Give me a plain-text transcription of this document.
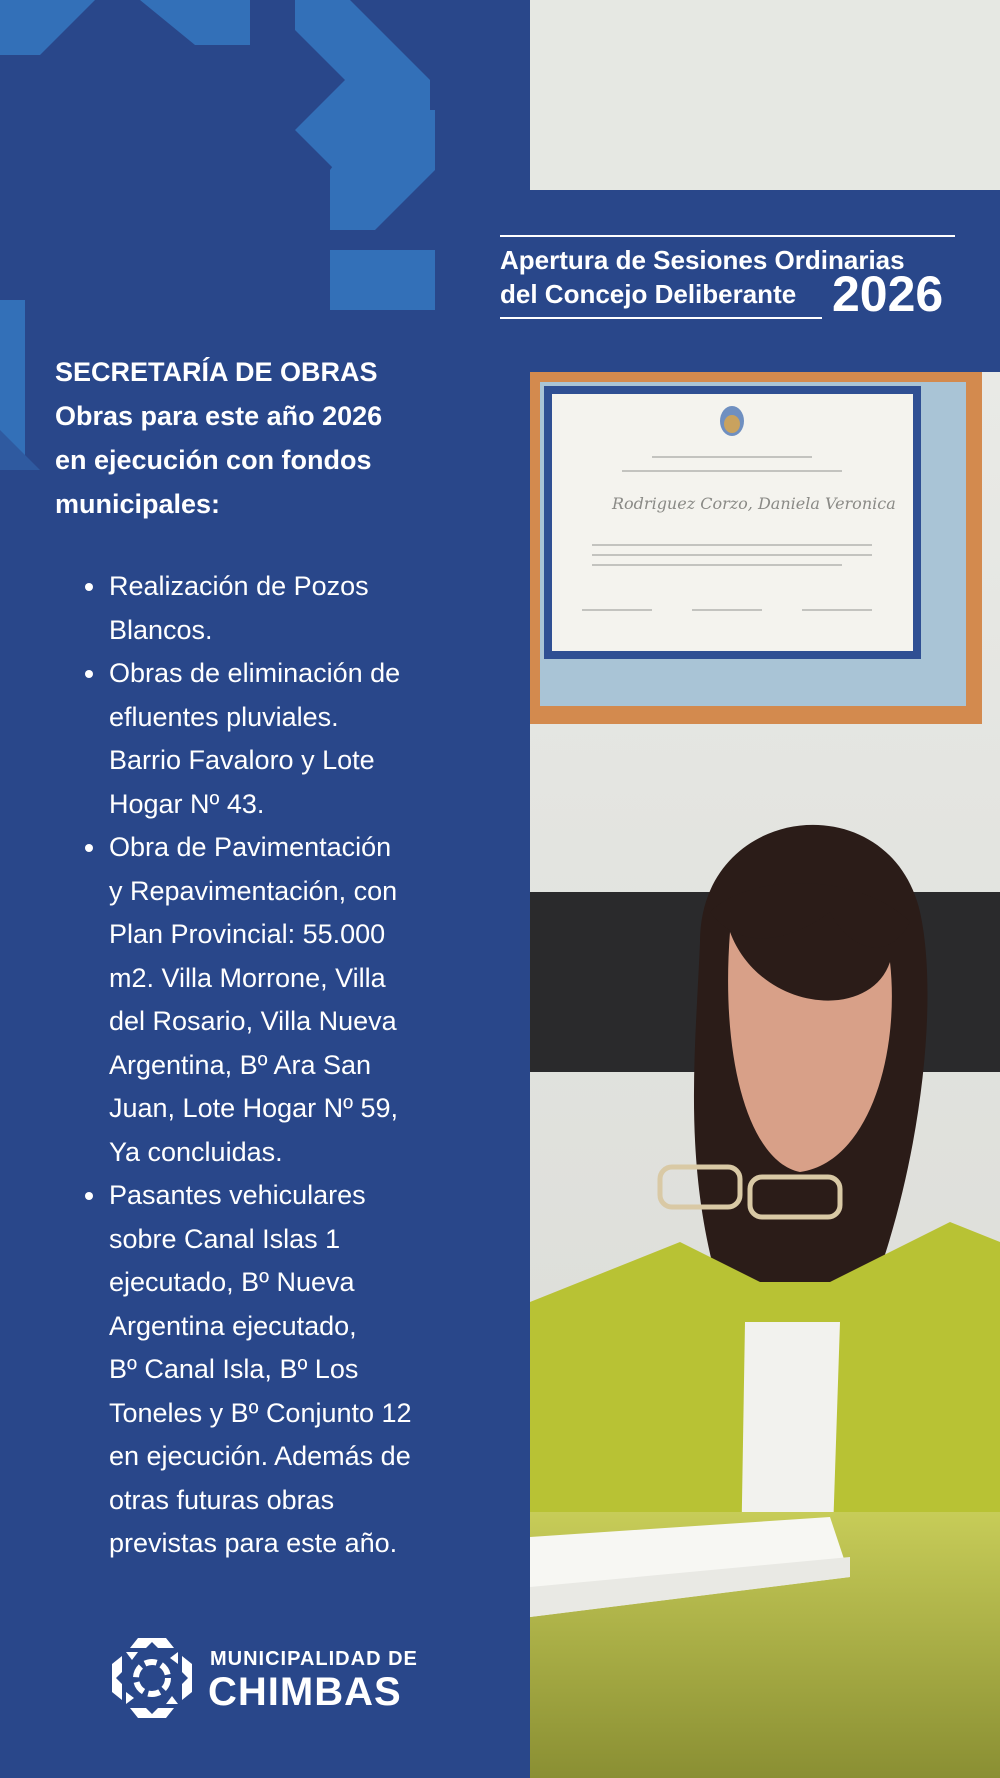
SECRETARÍA DE OBRAS
Obras para este año 2026
en ejecución con fondos
municipales:
Realización de Pozos
Blancos.
Obras de eliminación de
efluentes pluviales.
Barrio Favaloro y Lote
Hogar Nº 43.
Obra de Pavimentación
y Repavimentación, con
Plan Provincial: 55.000
m2. Villa Morrone, Villa
del Rosario, Villa Nueva
Argentina, Bº Ara San
Juan, Lote Hogar Nº 59,
Ya concluidas.
Pasantes vehiculares
sobre Canal Islas 1
ejecutado, Bº Nueva
Argentina ejecutado,
Bº Canal Isla, Bº Los
Toneles y Bº Conjunto 12
en ejecución. Además de
otras futuras obras
previstas para este año.
MUNICIPALIDAD DE
CHIMBAS
Rodriguez Corzo, Daniela Veronica
Apertura de Sesiones Ordinarias
del Concejo Deliberante 2026
